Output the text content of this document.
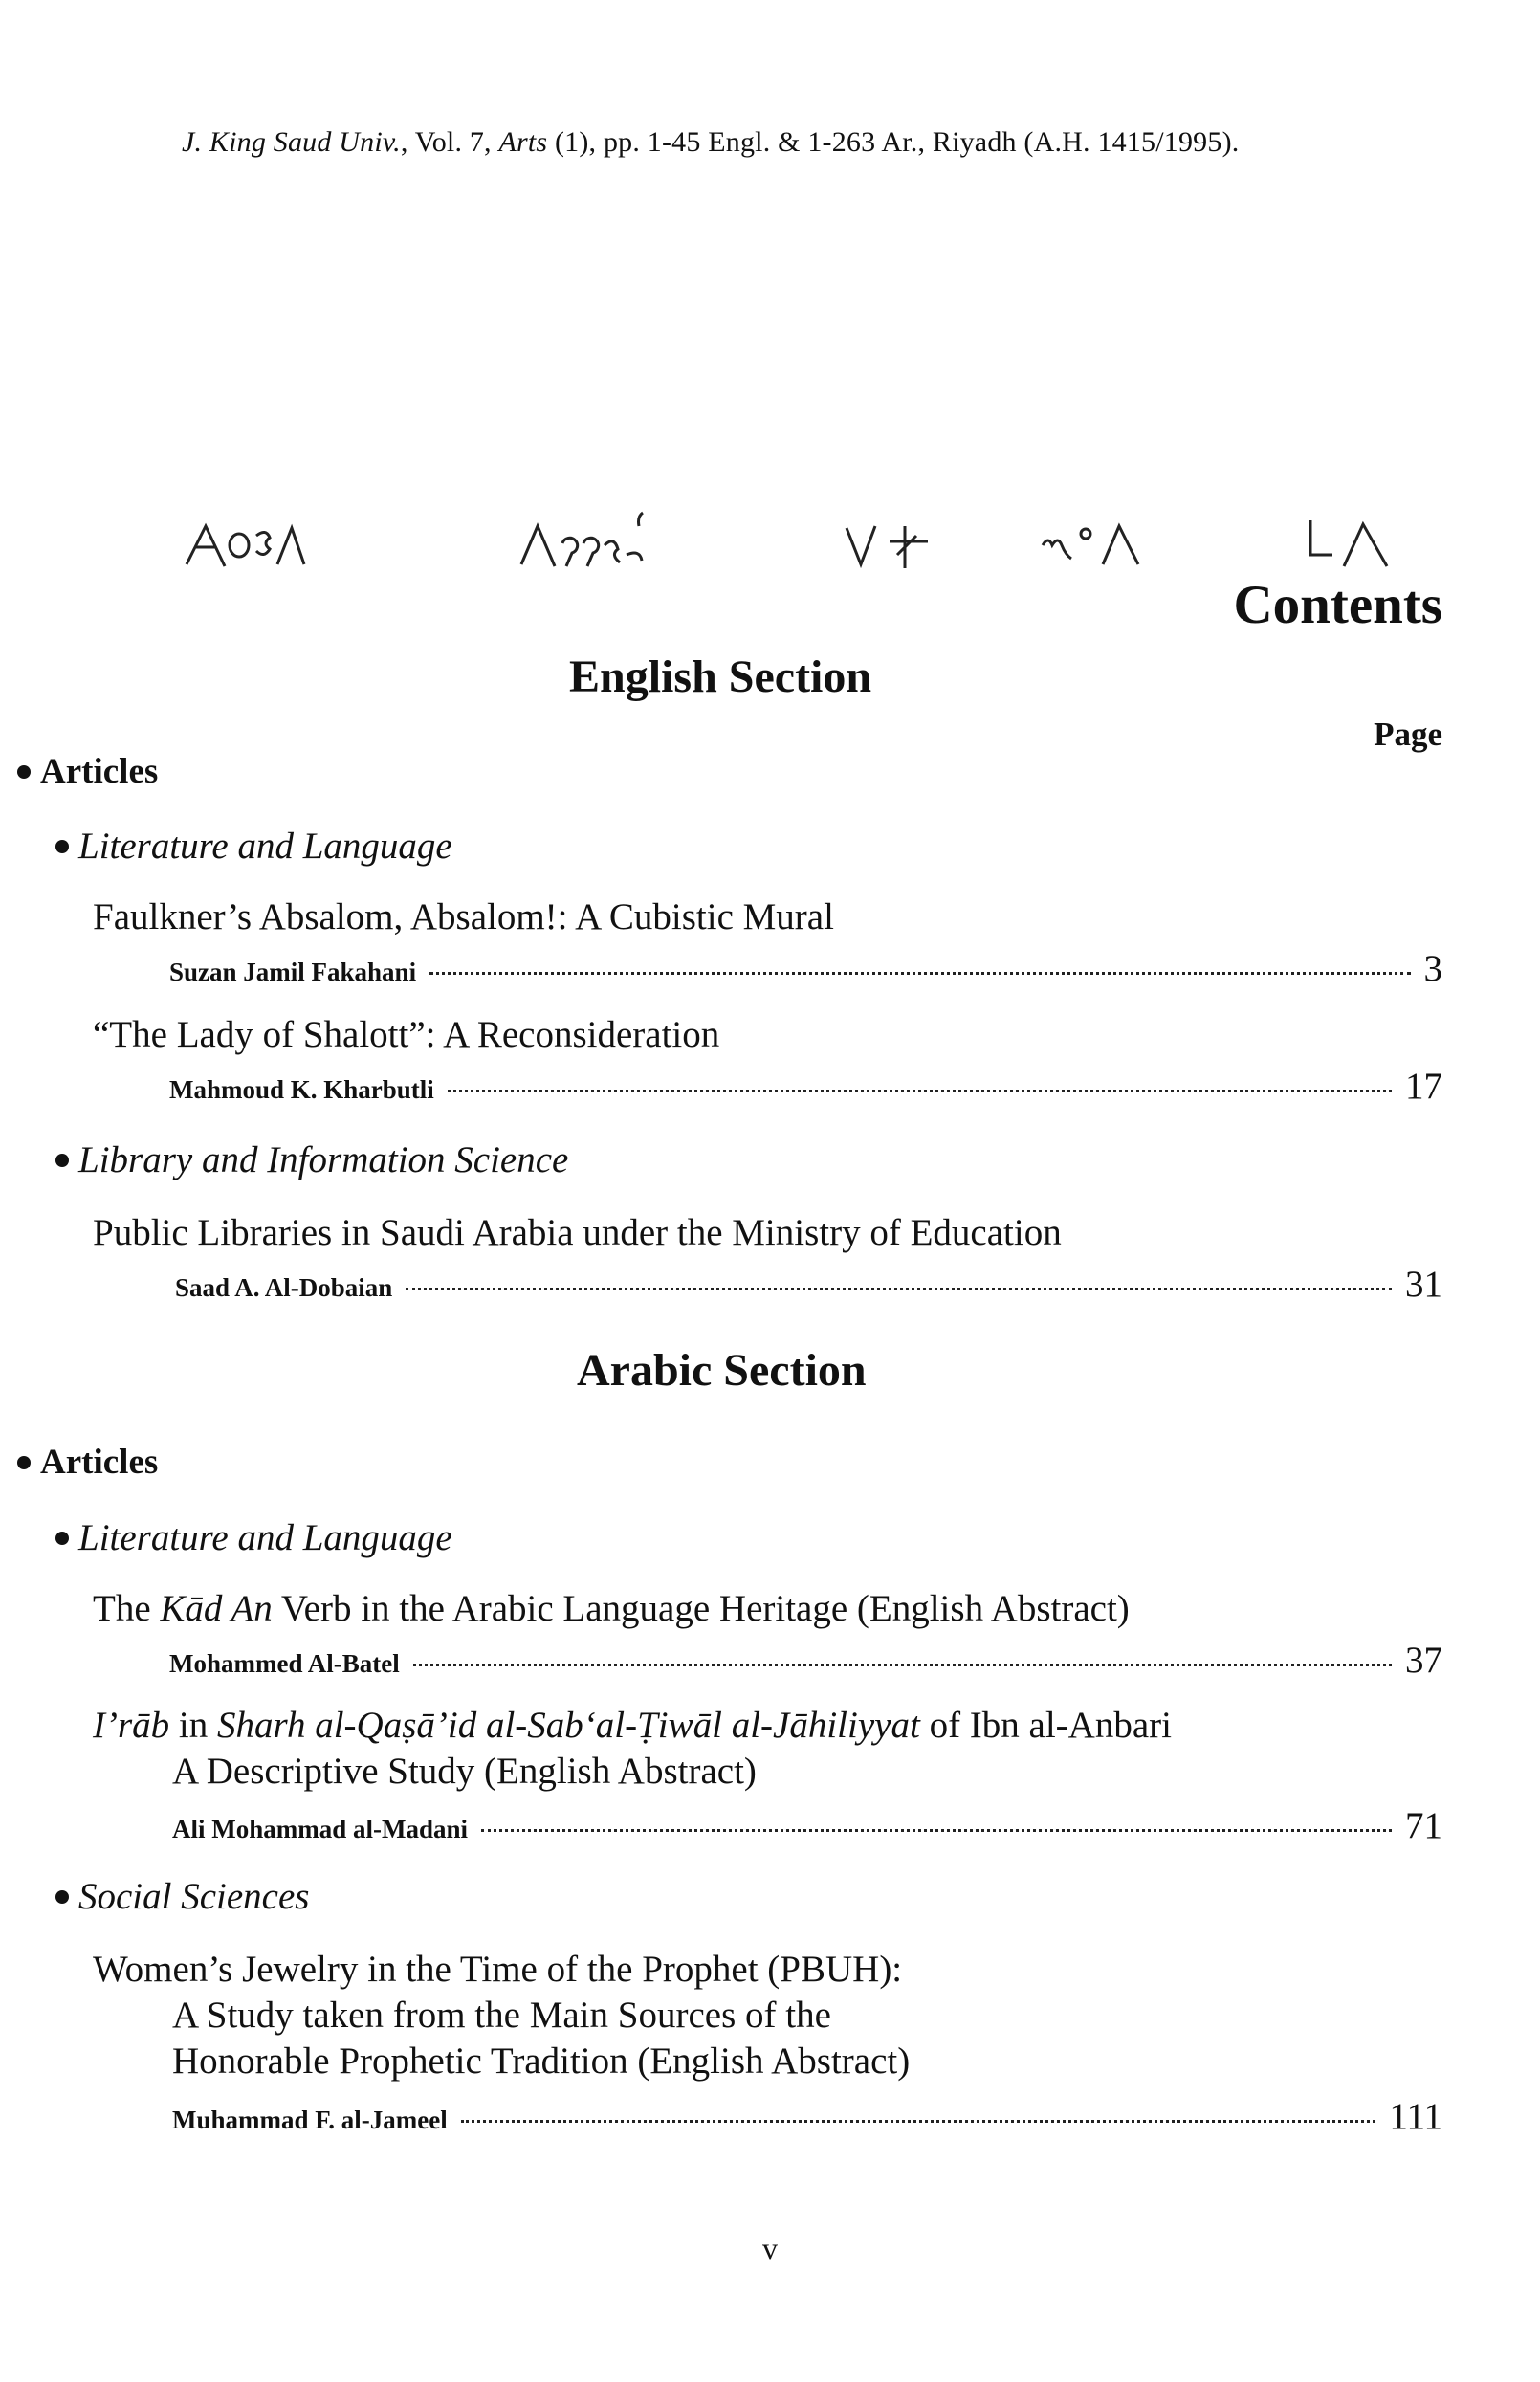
J. King Saud Univ., Vol. 7, Arts (1), pp. 1-45 Engl. & 1-263 Ar., Riyadh (A.H. 1415/1995).
Contents
English Section
Page
Articles
Literature and Language
Faulkner’s Absalom, Absalom!: A Cubistic Mural
Suzan Jamil Fakahani	3
“The Lady of Shalott”: A Reconsideration
Mahmoud K. Kharbutli	17
Library and Information Science
Public Libraries in Saudi Arabia under the Ministry of Education
Saad A. Al-Dobaian	31
Arabic Section
Articles
Literature and Language
The Kād An Verb in the Arabic Language Heritage (English Abstract)
Mohammed Al-Batel	37
I’rāb in Sharh al-Qaṣā’id al-Sab‘al-Ṭiwāl al-Jāhiliyyat of Ibn al-Anbari
A Descriptive Study (English Abstract)
Ali Mohammad al-Madani	71
Social Sciences
Women’s Jewelry in the Time of the Prophet (PBUH):
A Study taken from the Main Sources of the
Honorable Prophetic Tradition (English Abstract)
Muhammad F. al-Jameel	111
v
